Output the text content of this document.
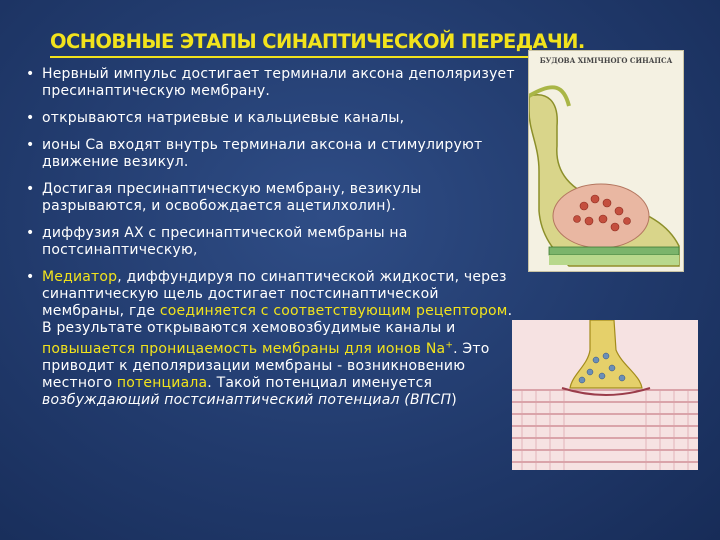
ОСНОВНЫЕ ЭТАПЫ СИНАПТИЧЕСКОЙ ПЕРЕДАЧИ.
• Нервный импульс достигает терминали аксона деполяризует пресинаптическую мембрану.
• открываются натриевые и кальциевые каналы,
• ионы Ca входят внутрь терминали аксона и стимулируют движение везикул.
• Достигая пресинаптическую мембрану, везикулы разрываются, и освобождается ацетилхолин).
• диффузия АХ с пресинаптической мембраны на постсинаптическую,
• Медиатор, диффундируя по синаптической жидкости, через синаптическую щель достигает постсинаптической мембраны, где соединяется с соответствующим рецептором. В результате открываются хемовозбудимые каналы и повышается проницаемость мембраны для ионов Na+. Это приводит к деполяризации мембраны - возникновению местного потенциала. Такой потенциал именуется возбуждающий постсинаптический потенциал (ВПСП)
БУДОВА ХІМІЧНОГО СИНАПСА
